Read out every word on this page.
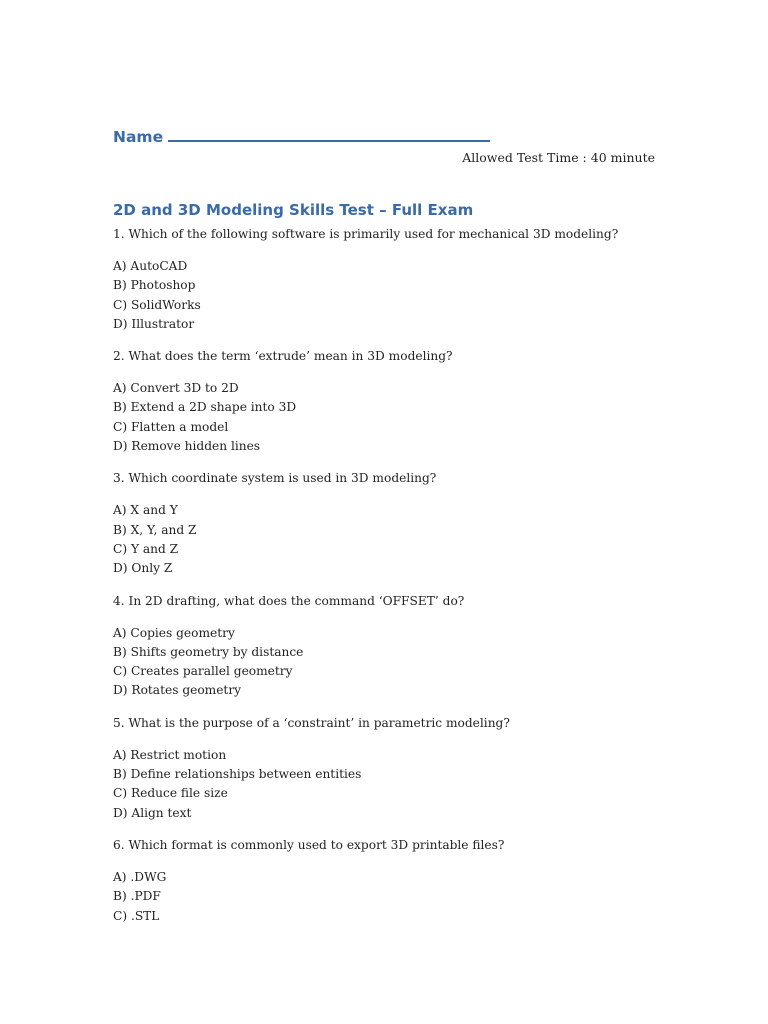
Name
Allowed Test Time : 40 minute
2D and 3D Modeling Skills Test – Full Exam
1. Which of the following software is primarily used for mechanical 3D modeling?
A) AutoCAD
B) Photoshop
C) SolidWorks
D) Illustrator
2. What does the term ‘extrude’ mean in 3D modeling?
A) Convert 3D to 2D
B) Extend a 2D shape into 3D
C) Flatten a model
D) Remove hidden lines
3. Which coordinate system is used in 3D modeling?
A) X and Y
B) X, Y, and Z
C) Y and Z
D) Only Z
4. In 2D drafting, what does the command ‘OFFSET’ do?
A) Copies geometry
B) Shifts geometry by distance
C) Creates parallel geometry
D) Rotates geometry
5. What is the purpose of a ‘constraint’ in parametric modeling?
A) Restrict motion
B) Define relationships between entities
C) Reduce file size
D) Align text
6. Which format is commonly used to export 3D printable files?
A) .DWG
B) .PDF
C) .STL
